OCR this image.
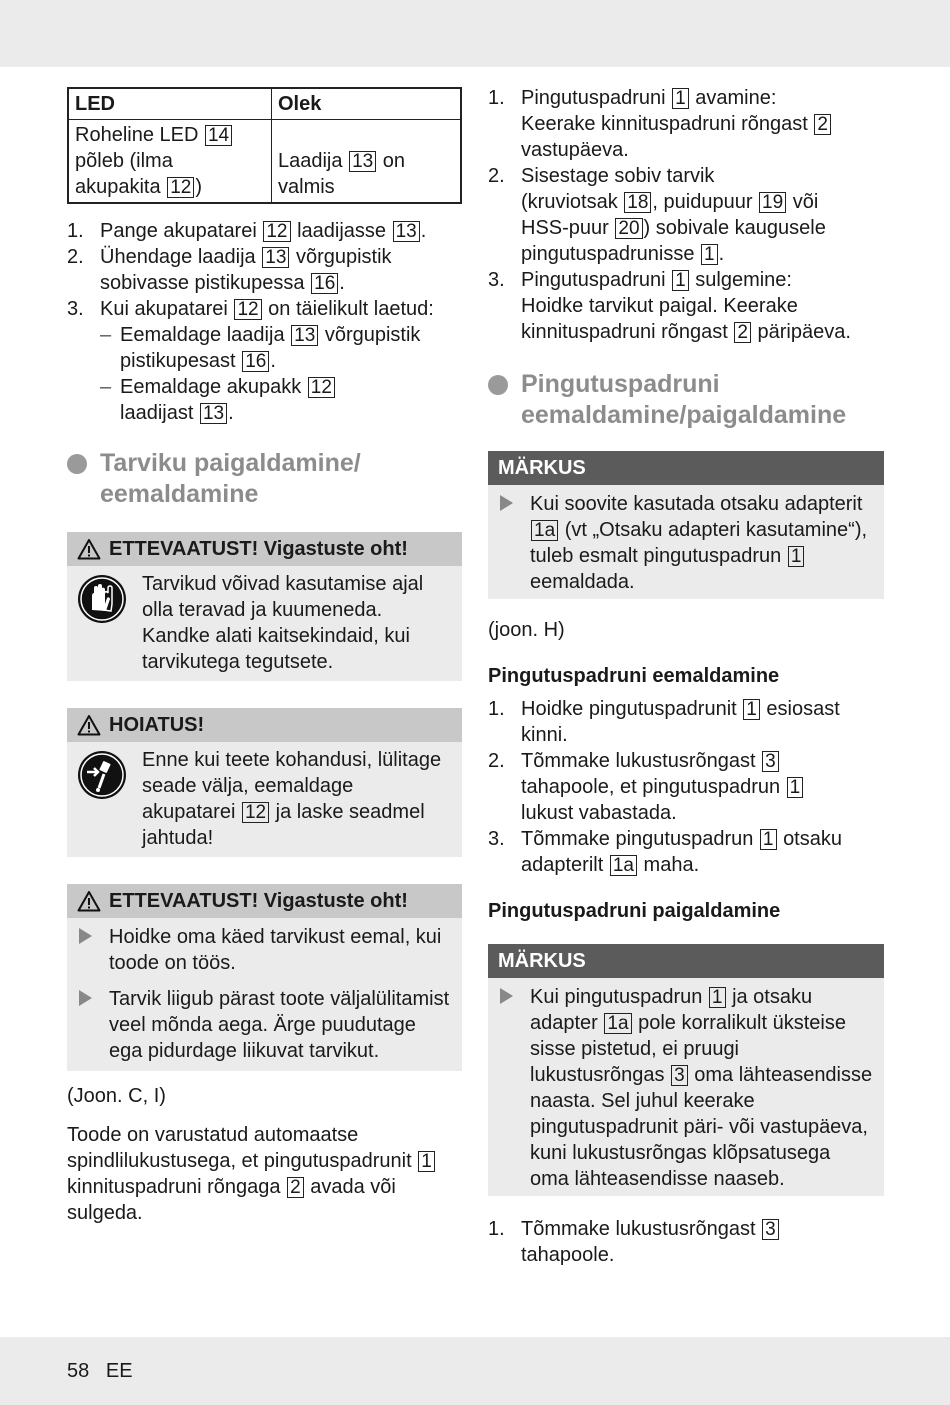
LED	Olek
Roheline LED 14
põleb (ilma
akupakita 12 )	Laadija 13 on
valmis
1. Pange akupatarei 12 laadijasse 13 .
2. Ühendage laadija 13 võrgupistik
sobivasse pistikupessa 16 .
3. Kui akupatarei 12 on täielikult laetud:
– Eemaldage laadija 13 võrgupistik
pistikupesast 16 .
– Eemaldage akupakk 12
laadijast 13 .
Tarviku paigaldamine/
eemaldamine
ETTEVAATUST! Vigastuste oht!
Tarvikud võivad kasutamise ajal olla teravad ja kuumeneda. Kandke alati kaitsekindaid, kui tarvikutega tegutsete.
HOIATUS!
Enne kui teete kohandusi, lülitage seade välja, eemaldage akupatarei 12 ja laske seadmel jahtuda!
ETTEVAATUST! Vigastuste oht!
Hoidke oma käed tarvikust eemal, kui toode on töös.
Tarvik liigub pärast toote väljalülitamist veel mõnda aega. Ärge puudutage ega pidurdage liikuvat tarvikut.

(Joon. C, I)

Toode on varustatud automaatse spindlilukustusega, et pingutuspadrunit 1 kinnituspadruni rõngaga 2 avada või sulgeda.

1. Pingutuspadruni 1 avamine:
Keerake kinnituspadruni rõngast 2
vastupäeva.
2. Sisestage sobiv tarvik
(kruviotsak 18 , puidupuur 19 või
HSS-puur 20 ) sobivale kaugusele
pingutuspadrunisse 1 .
3. Pingutuspadruni 1 sulgemine:
Hoidke tarvikut paigal. Keerake
kinnituspadruni rõngast 2 päripäeva.
Pingutuspadruni
eemaldamine/paigaldamine
MÄRKUS
Kui soovite kasutada otsaku adapterit 1a (vt „Otsaku adapteri kasutamine“), tuleb esmalt pingutuspadrun 1 eemaldada.

(joon. H)

Pingutuspadruni eemaldamine

1. Hoidke pingutuspadrunit 1 esiosast
kinni.
2. Tõmmake lukustusrõngast 3
tahapoole, et pingutuspadrun 1
lukust vabastada.
3. Tõmmake pingutuspadrun 1 otsaku
adapterilt 1a maha.

Pingutuspadruni paigaldamine

MÄRKUS
Kui pingutuspadrun 1 ja otsaku adapter 1a pole korralikult üksteise sisse pistetud, ei pruugi lukustusrõngas 3 oma lähteasendisse naasta. Sel juhul keerake pingutuspadrunit päri- või vastupäeva, kuni lukustusrõngas klõpsatusega oma lähteasendisse naaseb.
1. Tõmmake lukustusrõngast 3
tahapoole.
58 EE
